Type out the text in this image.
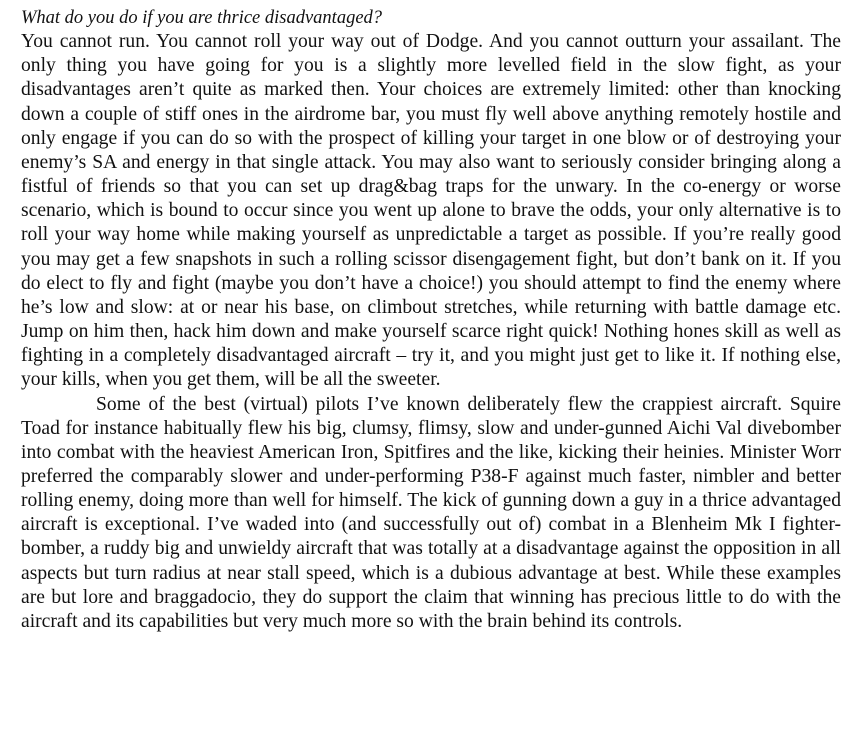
What do you do if you are thrice disadvantaged?

You cannot run. You cannot roll your way out of Dodge. And you cannot outturn your assailant. The only thing you have going for you is a slightly more levelled field in the slow fight, as your disadvantages aren’t quite as marked then. Your choices are extremely limited: other than knocking down a couple of stiff ones in the airdrome bar, you must fly well above anything remotely hostile and only engage if you can do so with the prospect of killing your target in one blow or of destroying your enemy’s SA and energy in that single attack. You may also want to seriously consider bringing along a fistful of friends so that you can set up drag&bag traps for the unwary. In the co-energy or worse scenario, which is bound to occur since you went up alone to brave the odds, your only alternative is to roll your way home while making yourself as unpredictable a target as possible. If you’re really good you may get a few snapshots in such a rolling scissor disengagement fight, but don’t bank on it. If you do elect to fly and fight (maybe you don’t have a choice!) you should attempt to find the enemy where he’s low and slow: at or near his base, on climbout stretches, while returning with battle damage etc. Jump on him then, hack him down and make yourself scarce right quick! Nothing hones skill as well as fighting in a completely disadvantaged aircraft – try it, and you might just get to like it. If nothing else, your kills, when you get them, will be all the sweeter.

Some of the best (virtual) pilots I’ve known deliberately flew the crappiest aircraft. Squire Toad for instance habitually flew his big, clumsy, flimsy, slow and under-gunned Aichi Val divebomber into combat with the heaviest American Iron, Spitfires and the like, kicking their heinies. Minister Worr preferred the comparably slower and under-performing P38-F against much faster, nimbler and better rolling enemy, doing more than well for himself. The kick of gunning down a guy in a thrice advantaged aircraft is exceptional. I’ve waded into (and successfully out of) combat in a Blenheim Mk I fighter-bomber, a ruddy big and unwieldy aircraft that was totally at a disadvantage against the opposition in all aspects but turn radius at near stall speed, which is a dubious advantage at best. While these examples are but lore and braggadocio, they do support the claim that winning has precious little to do with the aircraft and its capabilities but very much more so with the brain behind its controls.
